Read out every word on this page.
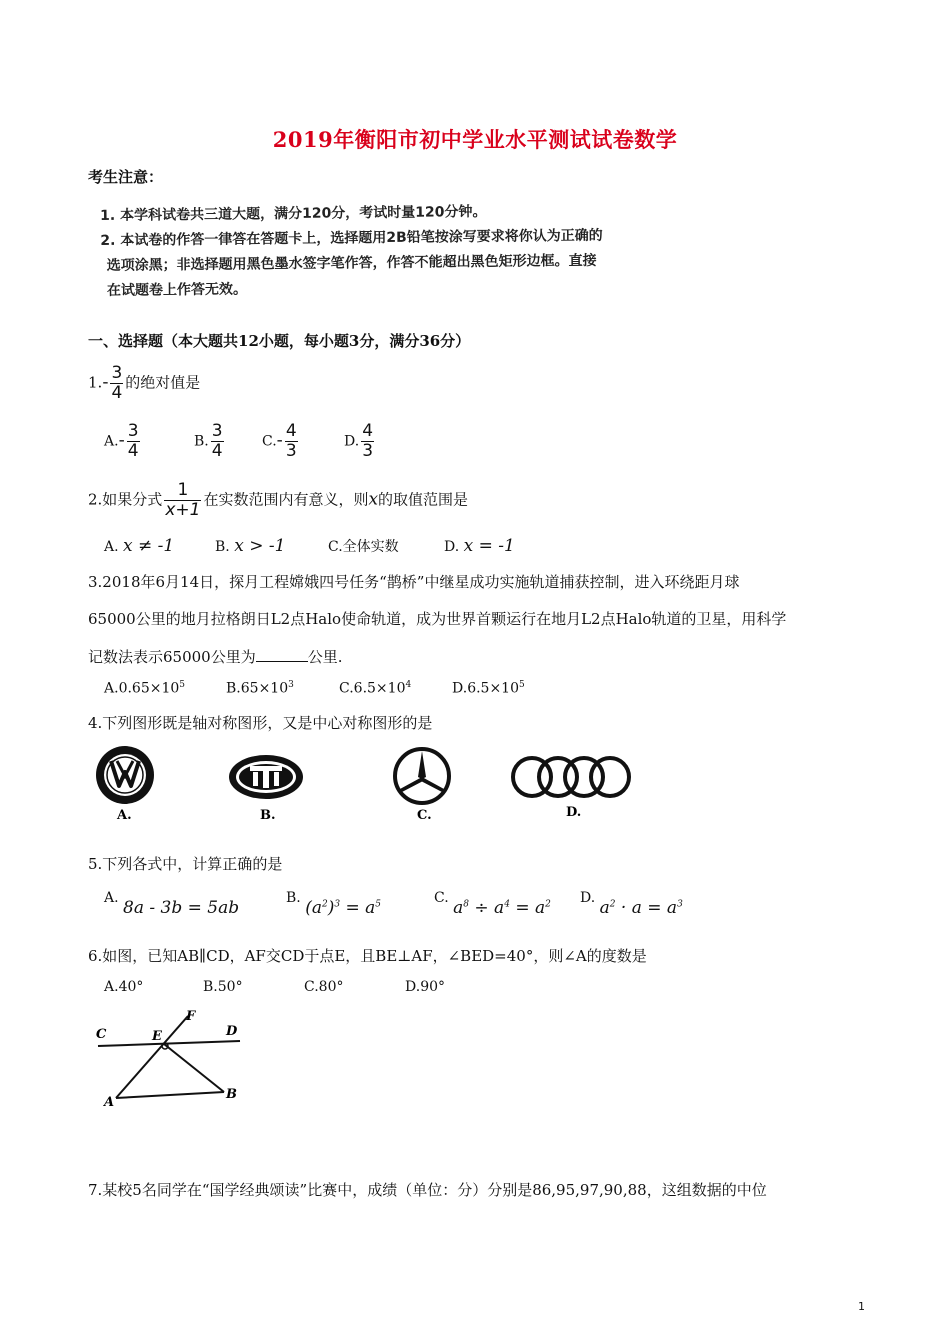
2019年衡阳市初中学业水平测试试卷数学
考生注意：
1. 本学科试卷共三道大题，满分120分，考试时量120分钟。
2. 本试卷的作答一律答在答题卡上，选择题用2B铅笔按涂写要求将你认为正确的
选项涂黑；非选择题用黑色墨水签字笔作答，作答不能超出黑色矩形边框。直接
在试题卷上作答无效。
一、选择题（本大题共12小题，每小题3分，满分36分）
$1.- \frac{3}{4}$ 的绝对值是
$A.- \frac{3}{4}$	B. $\frac{3}{4}$	$C.- \frac{4}{3}$	D. $\frac{4}{3}$
2.如果分式 $\frac{1}{x+1}$ 在实数范围内有意义，则x的取值范围是
A. x ≠ -1	B. x > -1	C.全体实数	D. x = -1

3.2018年6月14日，探月工程嫦娥四号任务“鹊桥”中继星成功实施轨道捕获控制，进入环绕距月球

65000公里的地月拉格朗日L2点Halo使命轨道，成为世界首颗运行在地月L2点Halo轨道的卫星，用科学

记数法表示65000公里为	公里.
$A.0.65\times 10^5$	$B.65\times 10^3$	$C.6.5\times 10^4$	$D.6.5\times 10^5$
4.下列图形既是轴对称图形，又是中心对称图形的是
A.	B.	C.	D.
5.下列各式中，计算正确的是
A. 8a - 3b = 5ab	B. $(a^2)^3 = a^5$	C. $a^8 \div a^4 = a^2$ D. $a^2 \cdot a = a^3$
6.如图，已知AB∥CD，AF交CD于点E，且BE⊥AF，∠BED=40°，则∠A的度数是
A.40°	B.50°	C.80°	D.90°
C	E
F
D
A
B
7.某校5名同学在“国学经典颂读”比赛中，成绩（单位：分）分别是86,95,97,90,88，这组数据的中位
1
